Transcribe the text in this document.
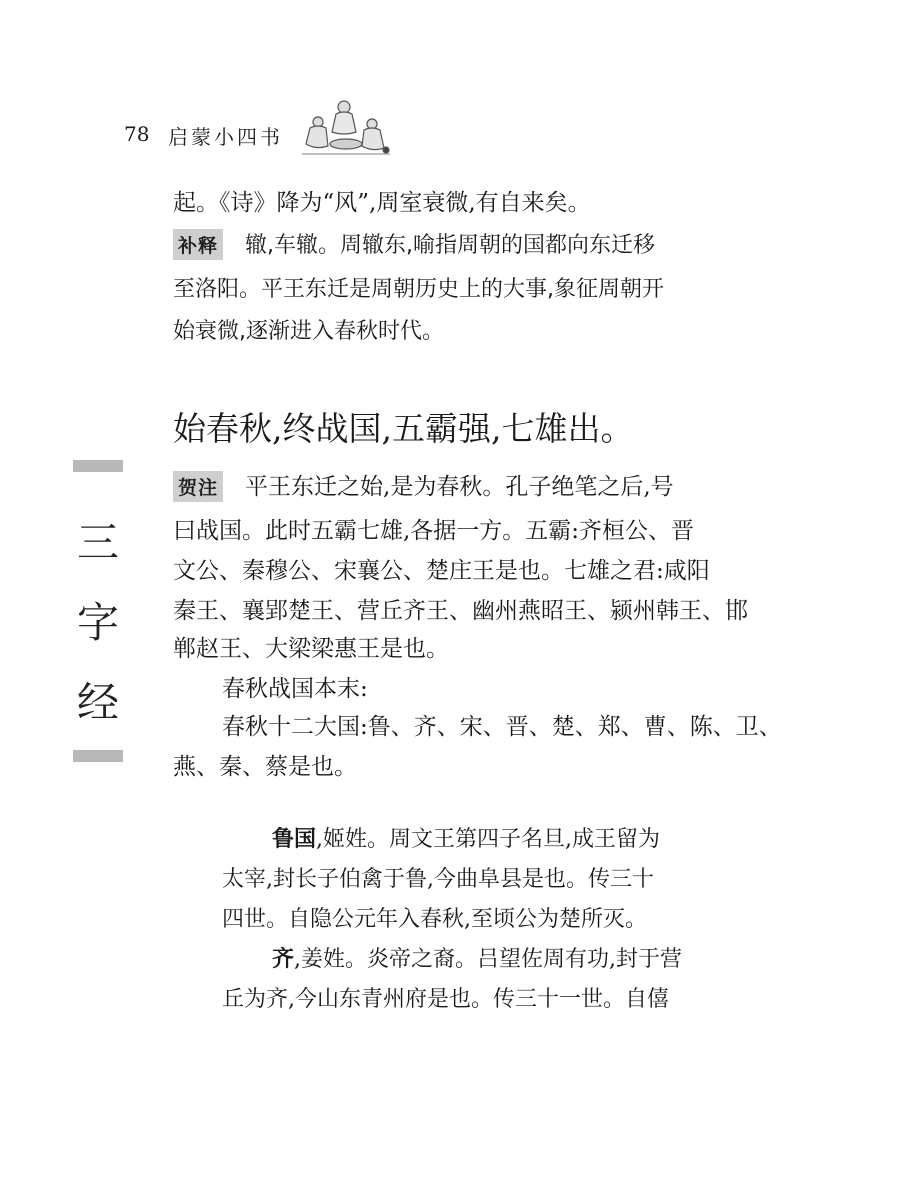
78 启蒙小四书
起。《诗》降为“风”,周室衰微,有自来矣。
补释 辙,车辙。周辙东,喻指周朝的国都向东迁移
至洛阳。平王东迁是周朝历史上的大事,象征周朝开
始衰微,逐渐进入春秋时代。
始春秋,终战国,五霸强,七雄出。
三
字
经
贺注 平王东迁之始,是为春秋。孔子绝笔之后,号
曰战国。此时五霸七雄,各据一方。五霸:齐桓公、晋
文公、秦穆公、宋襄公、楚庄王是也。七雄之君:咸阳
秦王、襄郢楚王、营丘齐王、幽州燕昭王、颍州韩王、邯
郸赵王、大梁梁惠王是也。
春秋战国本末:
春秋十二大国:鲁、齐、宋、晋、楚、郑、曹、陈、卫、
燕、秦、蔡是也。
鲁国,姬姓。周文王第四子名旦,成王留为
太宰,封长子伯禽于鲁,今曲阜县是也。传三十
四世。自隐公元年入春秋,至顷公为楚所灭。
齐,姜姓。炎帝之裔。吕望佐周有功,封于营
丘为齐,今山东青州府是也。传三十一世。自僖
